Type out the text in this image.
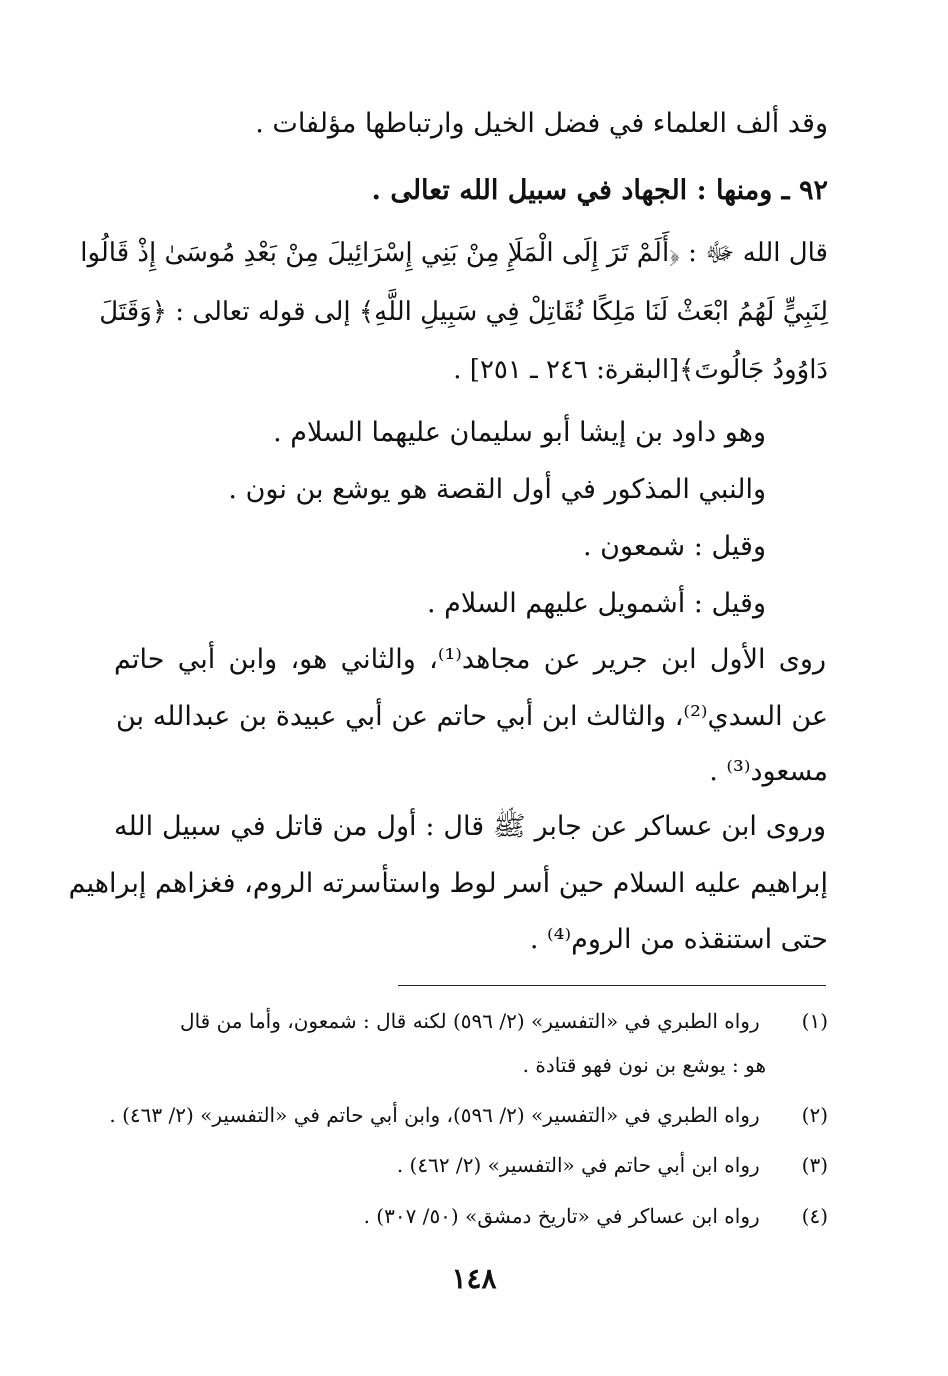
وقد ألف العلماء في فضل الخيل وارتباطها مؤلفات .
٩٢ ـ ومنها : الجهاد في سبيل الله تعالى .
قال الله ﷻ : ﴿أَلَمْ تَرَ إِلَى الْمَلَإِ مِنْ بَنِي إِسْرَائِيلَ مِنْ بَعْدِ مُوسَىٰ إِذْ قَالُوا
لِنَبِيٍّ لَهُمُ ابْعَثْ لَنَا مَلِكًا نُقَاتِلْ فِي سَبِيلِ اللَّهِ﴾ إلى قوله تعالى : ﴿وَقَتَلَ
دَاوُودُ جَالُوتَ﴾[البقرة: ٢٤٦ ـ ٢٥١] .
وهو داود بن إيشا أبو سليمان عليهما السلام .
والنبي المذكور في أول القصة هو يوشع بن نون .
وقيل : شمعون .
وقيل : أشمويل عليهم السلام .
روى الأول ابن جرير عن مجاهد⁽¹⁾، والثاني هو، وابن أبي حاتم
عن السدي⁽²⁾، والثالث ابن أبي حاتم عن أبي عبيدة بن عبدالله بن
مسعود⁽³⁾ .
وروى ابن عساكر عن جابر ﷺ قال : أول من قاتل في سبيل الله
إبراهيم عليه السلام حين أسر لوط واستأسرته الروم، فغزاهم إبراهيم
حتى استنقذه من الروم⁽⁴⁾ .
(١) رواه الطبري في «التفسير» (٢/ ٥٩٦) لكنه قال : شمعون، وأما من قال
هو : يوشع بن نون فهو قتادة .
(٢) رواه الطبري في «التفسير» (٢/ ٥٩٦)، وابن أبي حاتم في «التفسير» (٢/ ٤٦٣) .
(٣) رواه ابن أبي حاتم في «التفسير» (٢/ ٤٦٢) .
(٤) رواه ابن عساكر في «تاريخ دمشق» (٥٠/ ٣٠٧) .
١٤٨
